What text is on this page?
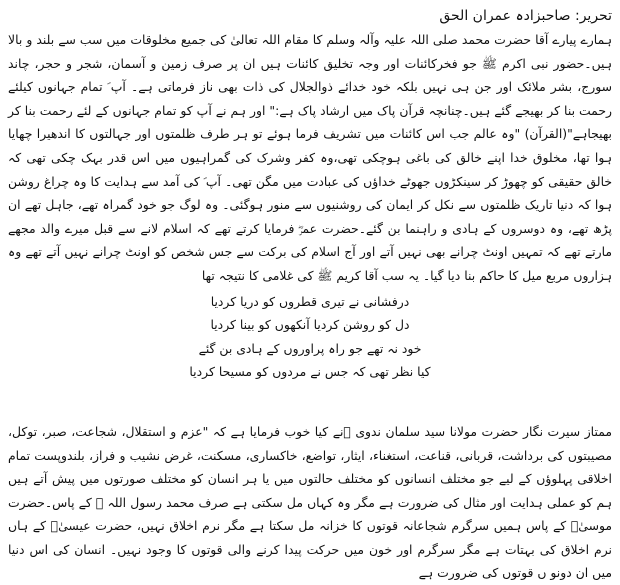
تحریر: صاحبزادہ عمران الحق

ہمارے پیارے آقا حضرت محمد صلی اللہ علیہ وآلہ وسلم کا مقام اللہ تعالیٰ کی جمیع مخلوقات میں سب سے بلند و بالا ہیں۔حضور نبی اکرم ﷺ جو فخرکائنات اور وجہ تخلیق کائنات ہیں ان پر صرف زمین و آسمان، شجر و حجر، چاند سورج، بشر ملائک اور جن ہی نہیں بلکہ خود خدائے ذوالجلال کی ذات بھی ناز فرماتی ہے۔ آپ ؐ تمام جہانوں کیلئے رحمت بنا کر بھیجے گئے ہیں۔چنانچہ قرآن پاک میں ارشاد پاک ہے:" اور ہم نے آپ کو تمام جہانوں کے لئے رحمت بنا کر بھیجاہے"(القرآن) "وہ عالم جب اس کائنات میں تشریف فرما ہوئے تو ہر طرف ظلمتوں اور جہالتوں کا اندھیرا چھایا ہوا تھا، مخلوق خدا اپنے خالق کی باغی ہوچکی تھی،وہ کفر وشرک کی گمراہیوں میں اس قدر بہک چکی تھی کہ خالق حقیقی کو چھوڑ کر سینکڑوں جھوٹے خداؤں کی عبادت میں مگن تھی۔ آپ ؐ کی آمد سے ہدایت کا وہ چراغ روشن ہوا کہ دنیا تاریک ظلمتوں سے نکل کر ایمان کی روشنیوں سے منور ہوگئی۔ وہ لوگ جو خود گمراہ تھے، جاہل تھے ان پڑھ تھے، وہ دوسروں کے ہادی و راہنما بن گئے۔حضرت عمرؓ فرمایا کرتے تھے کہ اسلام لانے سے قبل میرے والد مجھے مارتے تھے کہ تمہیں اونٹ چرانے بھی نہیں آتے اور آج اسلام کی برکت سے جس شخص کو اونٹ چرانے نہیں آتے تھے وہ ہزاروں مربع میل کا حاکم بنا دیا گیا۔ یہ سب آقا کریم ﷺ کی غلامی کا نتیجہ تھا

درفشانی نے تیری قطروں کو دریا کردیا
دل کو روشن کردیا آنکھوں کو بینا کردیا
خود نہ تھے جو راہ پراوروں کے ہادی بن گئے
کیا نظر تھی کہ جس نے مردوں کو مسیحا کردیا

ممتاز سیرت نگار حضرت مولانا سید سلمان ندوی ؒنے کیا خوب فرمایا ہے کہ "عزم و استقلال، شجاعت، صبر، توکل، مصیبتوں کی برداشت، قربانی، قناعت، استغناء، ایثار، تواضع، خاکساری، مسکنت، غرض نشیب و فراز، بلندوپست تمام اخلاقی پہلوؤں کے لیے جو مختلف انسانوں کو مختلف حالتوں میں یا ہر انسان کو مختلف صورتوں میں پیش آتے ہیں ہم کو عملی ہدایت اور مثال کی ضرورت ہے مگر وہ کہاں مل سکتی ہے صرف محمد رسول اللہ ﷺ کے پاس۔حضرت موسیٰؑ کے پاس ہمیں سرگرم شجاعانہ قوتوں کا خزانہ مل سکتا ہے مگر نرم اخلاق نہیں، حضرت عیسیٰؑ کے ہاں نرم اخلاق کی بہتات ہے مگر سرگرم اور خون میں حرکت پیدا کرنے والی قوتوں کا وجود نہیں۔ انسان کی اس دنیا میں ان دونو ں قوتوں کی ضرورت ہے
